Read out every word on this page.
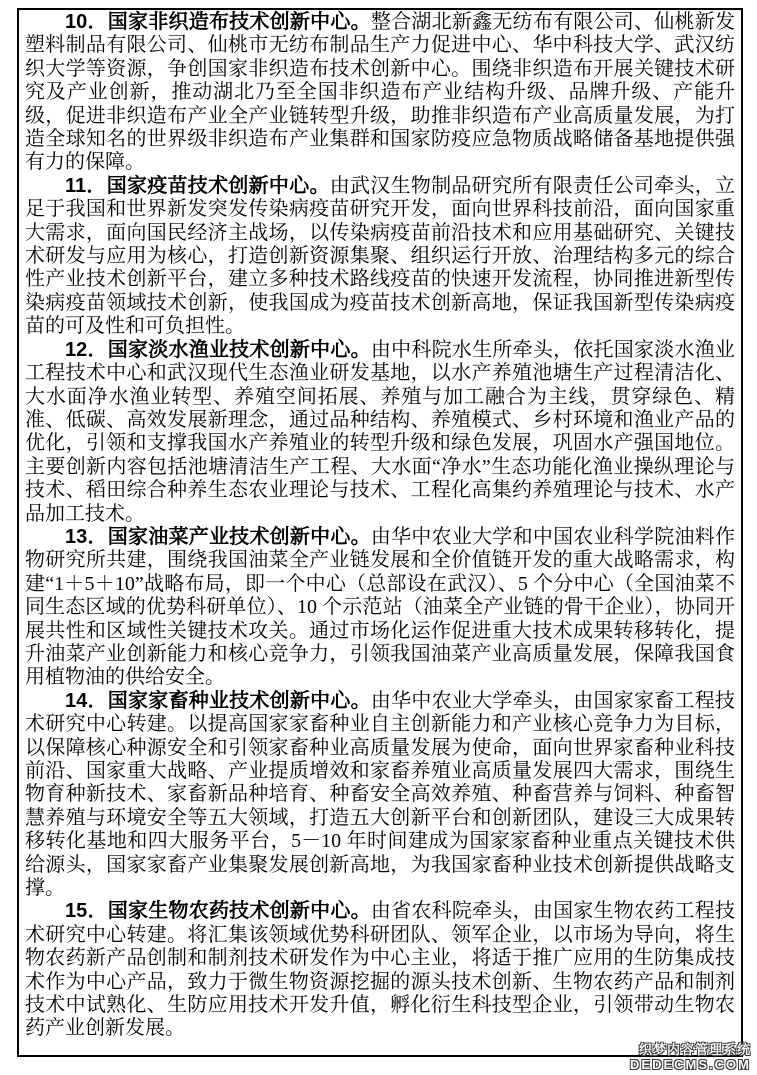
10．国家非织造布技术创新中心。整合湖北新鑫无纺布有限公司、仙桃新发塑料制品有限公司、仙桃市无纺布制品生产力促进中心、华中科技大学、武汉纺织大学等资源，争创国家非织造布技术创新中心。围绕非织造布开展关键技术研究及产业创新，推动湖北乃至全国非织造布产业结构升级、品牌升级、产能升级，促进非织造布产业全产业链转型升级，助推非织造布产业高质量发展，为打造全球知名的世界级非织造布产业集群和国家防疫应急物质战略储备基地提供强有力的保障。

11．国家疫苗技术创新中心。由武汉生物制品研究所有限责任公司牵头，立足于我国和世界新发突发传染病疫苗研究开发，面向世界科技前沿，面向国家重大需求，面向国民经济主战场，以传染病疫苗前沿技术和应用基础研究、关键技术研发与应用为核心，打造创新资源集聚、组织运行开放、治理结构多元的综合性产业技术创新平台，建立多种技术路线疫苗的快速开发流程，协同推进新型传染病疫苗领域技术创新，使我国成为疫苗技术创新高地，保证我国新型传染病疫苗的可及性和可负担性。

12．国家淡水渔业技术创新中心。由中科院水生所牵头，依托国家淡水渔业工程技术中心和武汉现代生态渔业研发基地，以水产养殖池塘生产过程清洁化、大水面净水渔业转型、养殖空间拓展、养殖与加工融合为主线，贯穿绿色、精准、低碳、高效发展新理念，通过品种结构、养殖模式、乡村环境和渔业产品的优化，引领和支撑我国水产养殖业的转型升级和绿色发展，巩固水产强国地位。主要创新内容包括池塘清洁生产工程、大水面“净水”生态功能化渔业操纵理论与技术、稻田综合种养生态农业理论与技术、工程化高集约养殖理论与技术、水产品加工技术。

13．国家油菜产业技术创新中心。由华中农业大学和中国农业科学院油料作物研究所共建，围绕我国油菜全产业链发展和全价值链开发的重大战略需求，构建“1＋5＋10”战略布局，即一个中心（总部设在武汉）、5 个分中心（全国油菜不同生态区域的优势科研单位）、10 个示范站（油菜全产业链的骨干企业），协同开展共性和区域性关键技术攻关。通过市场化运作促进重大技术成果转移转化，提升油菜产业创新能力和核心竞争力，引领我国油菜产业高质量发展，保障我国食用植物油的供给安全。

14．国家家畜种业技术创新中心。由华中农业大学牵头，由国家家畜工程技术研究中心转建。以提高国家家畜种业自主创新能力和产业核心竞争力为目标，以保障核心种源安全和引领家畜种业高质量发展为使命，面向世界家畜种业科技前沿、国家重大战略、产业提质增效和家畜养殖业高质量发展四大需求，围绕生物育种新技术、家畜新品种培育、种畜安全高效养殖、种畜营养与饲料、种畜智慧养殖与环境安全等五大领域，打造五大创新平台和创新团队，建设三大成果转移转化基地和四大服务平台，5－10 年时间建成为国家家畜种业重点关键技术供给源头，国家家畜产业集聚发展创新高地，为我国家畜种业技术创新提供战略支撑。

15．国家生物农药技术创新中心。由省农科院牵头，由国家生物农药工程技术研究中心转建。将汇集该领域优势科研团队、领军企业，以市场为导向，将生物农药新产品创制和制剂技术研发作为中心主业，将适于推广应用的生防集成技术作为中心产品，致力于微生物资源挖掘的源头技术创新、生物农药产品和制剂技术中试熟化、生防应用技术开发升值，孵化衍生科技型企业，引领带动生物农药产业创新发展。

织梦内容管理系统
DEDECMS.COM
